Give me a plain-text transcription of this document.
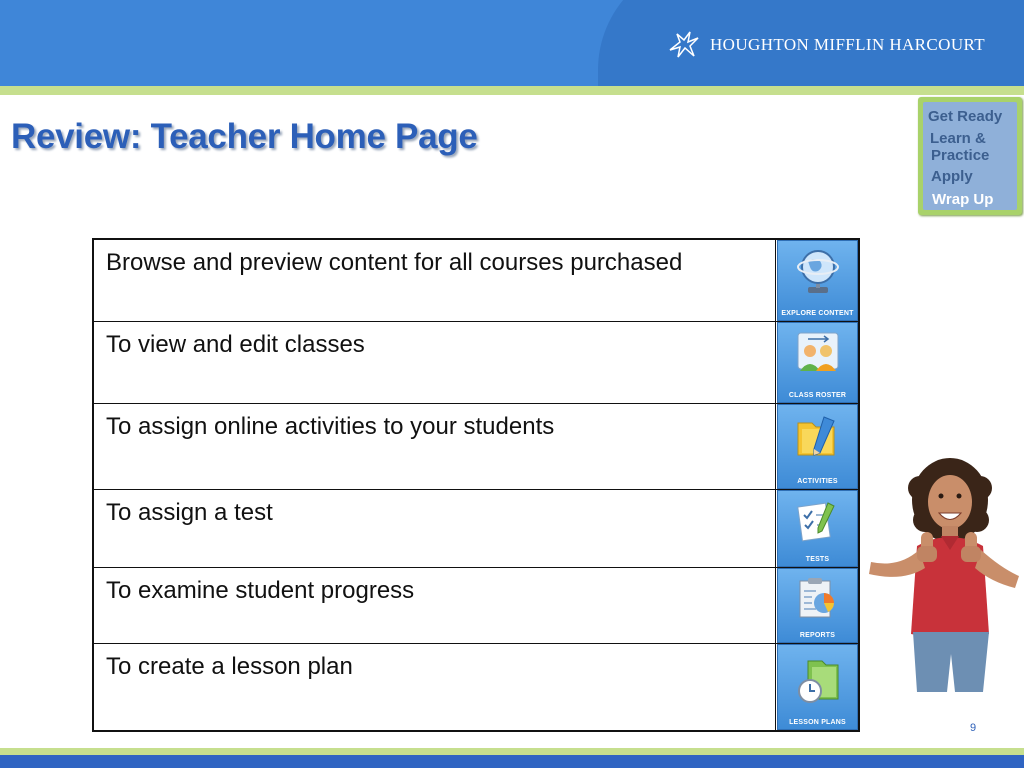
HOUGHTON MIFFLIN HARCOURT
Review: Teacher Home Page
Get Ready
Learn &
Practice
Apply
Wrap Up
Browse and preview content for all courses purchased
EXPLORE CONTENT
To view and edit classes
CLASS ROSTER
To assign online activities to your students
ACTIVITIES
To assign a test
TESTS
To examine student progress
REPORTS
To create a lesson plan
LESSON PLANS	9
